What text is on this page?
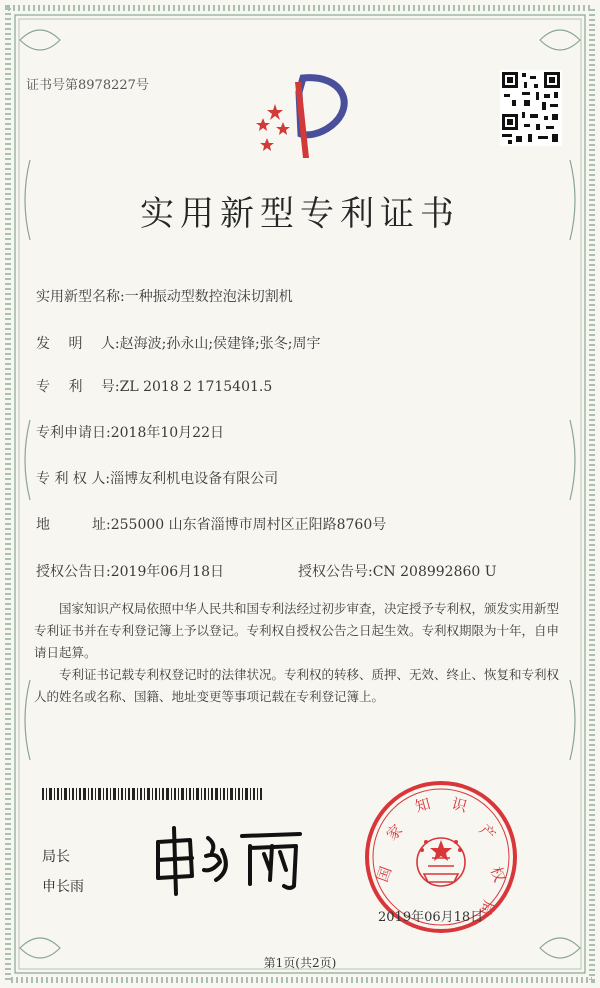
证书号第8978227号
实用新型专利证书
实用新型名称:一种振动型数控泡沫切割机
发　 明　 人:赵海波;孙永山;侯建锋;张冬;周宇
专　 利　 号:ZL 2018 2 1715401.5
专利申请日:2018年10月22日
专 利 权 人:淄博友利机电设备有限公司
地　　　址:255000 山东省淄博市周村区正阳路8760号
授权公告日:2019年06月18日	授权公告号:CN 208992860 U
　　国家知识产权局依照中华人民共和国专利法经过初步审查，决定授予专利权，颁发实用新型专利证书并在专利登记簿上予以登记。专利权自授权公告之日起生效。专利权期限为十年，自申请日起算。
　　专利证书记载专利权登记时的法律状况。专利权的转移、质押、无效、终止、恢复和专利权人的姓名或名称、国籍、地址变更等事项记载在专利登记簿上。
局长
申长雨
国
家
知 识
产
权
局
2019年06月18日
第1页(共2页)
